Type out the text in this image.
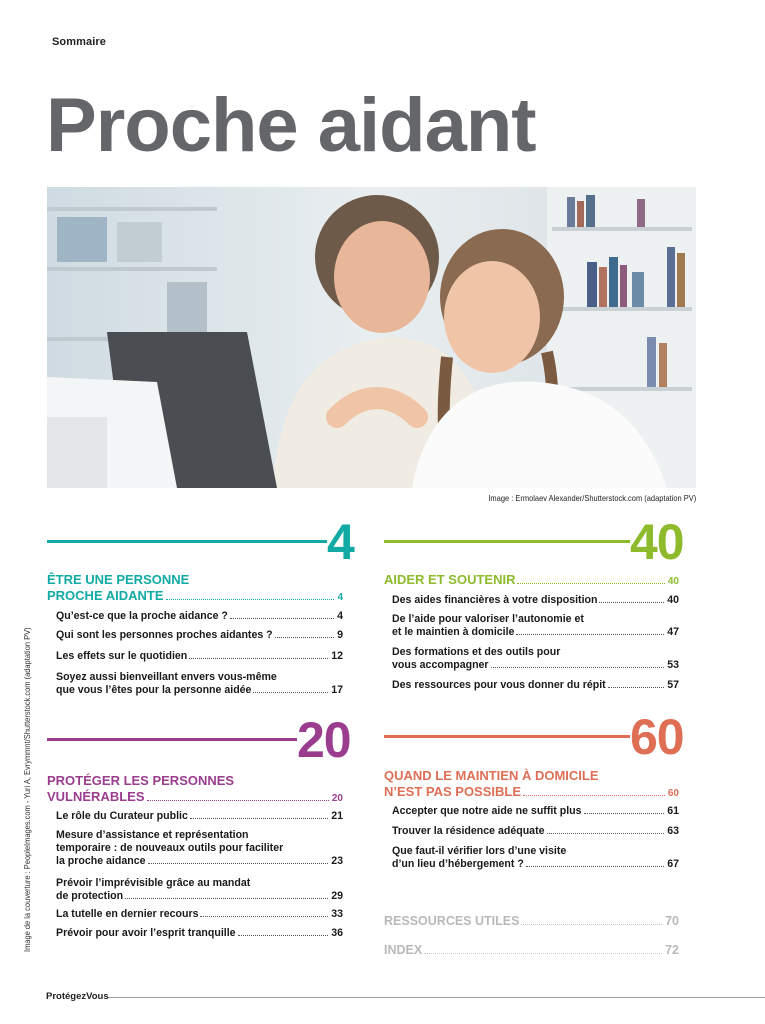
Sommaire
Proche aidant
Image : Ermolaev Alexander/Shutterstock.com (adaptation PV)
Image de la couverture : PeopleImages.com - Yuri A, Evrymmnt/Shutterstock.com (adaptation PV)
4
ÊTRE UNE PERSONNE
PROCHE AIDANTE	4
Qu’est-ce que la proche aidance ?	4
Qui sont les personnes proches aidantes ?	9
Les effets sur le quotidien	12
Soyez aussi bienveillant envers vous-même
que vous l’êtes pour la personne aidée	17
20
PROTÉGER LES PERSONNES
VULNÉRABLES	20
Le rôle du Curateur public	21
Mesure d’assistance et représentation
temporaire : de nouveaux outils pour faciliter
la proche aidance	23
Prévoir l’imprévisible grâce au mandat
de protection	29
La tutelle en dernier recours	33
Prévoir pour avoir l’esprit tranquille	36
40
AIDER ET SOUTENIR	40
Des aides financières à votre disposition	40
De l’aide pour valoriser l’autonomie et
et le maintien à domicile	47
Des formations et des outils pour
vous accompagner	53
Des ressources pour vous donner du répit	57
60
QUAND LE MAINTIEN À DOMICILE
N’EST PAS POSSIBLE	60
Accepter que notre aide ne suffit plus	61
Trouver la résidence adéquate	63
Que faut-il vérifier lors d’une visite
d’un lieu d’hébergement ?	67
RESSOURCES UTILES	70
INDEX	72
ProtégezVous
